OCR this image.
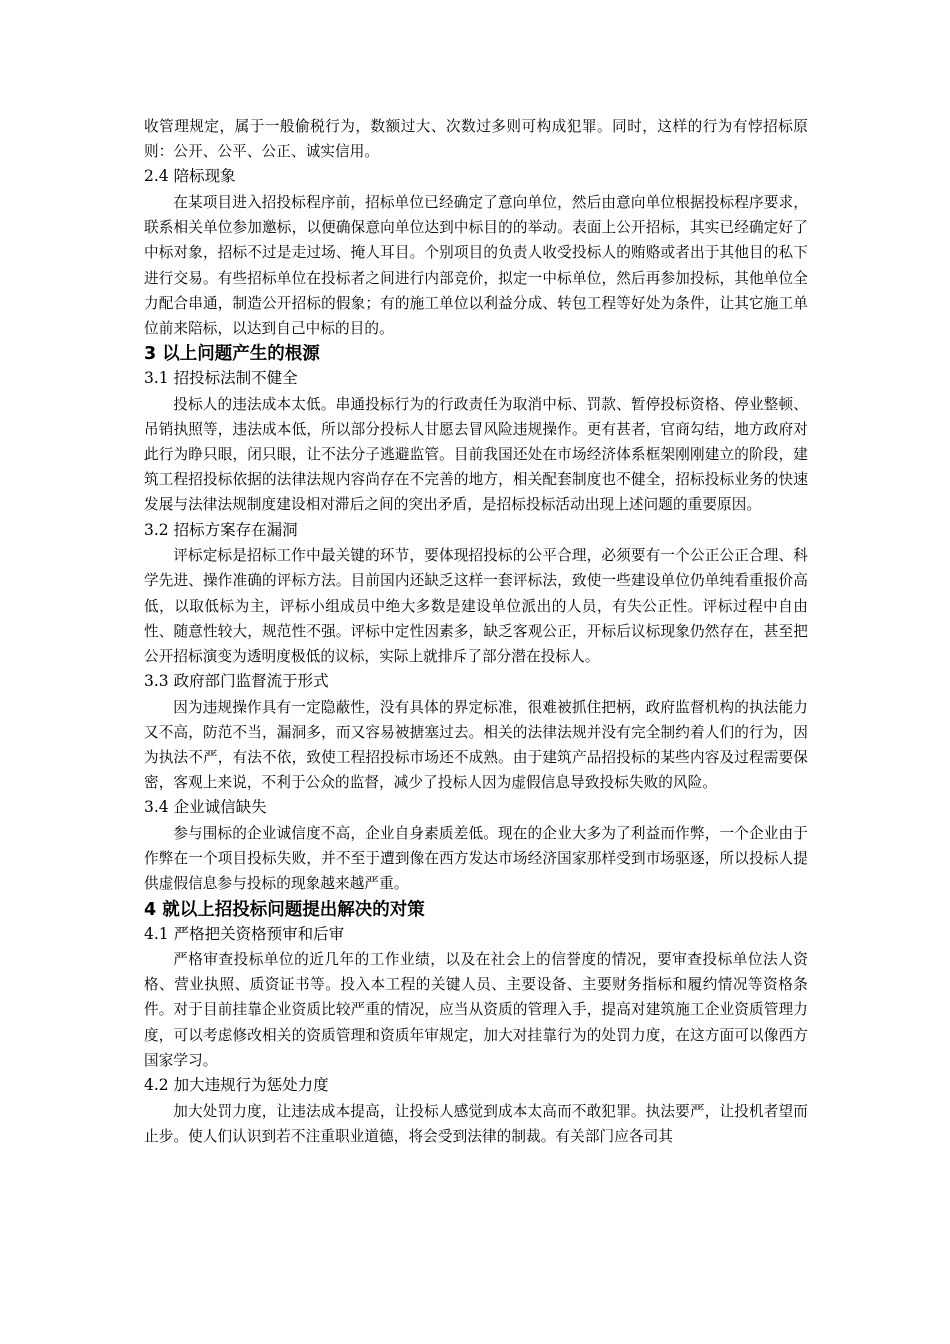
收管理规定，属于一般偷税行为，数额过大、次数过多则可构成犯罪。同时，这样的行为有悖招标原则：公开、公平、公正、诚实信用。

2.4 陪标现象

在某项目进入招投标程序前，招标单位已经确定了意向单位，然后由意向单位根据投标程序要求，联系相关单位参加邀标，以便确保意向单位达到中标目的的举动。表面上公开招标，其实已经确定好了中标对象，招标不过是走过场、掩人耳目。个别项目的负责人收受投标人的贿赂或者出于其他目的私下进行交易。有些招标单位在投标者之间进行内部竞价，拟定一中标单位，然后再参加投标，其他单位全力配合串通，制造公开招标的假象；有的施工单位以利益分成、转包工程等好处为条件，让其它施工单位前来陪标，以达到自己中标的目的。

3 以上问题产生的根源
3.1 招投标法制不健全

投标人的违法成本太低。串通投标行为的行政责任为取消中标、罚款、暂停投标资格、停业整顿、吊销执照等，违法成本低，所以部分投标人甘愿去冒风险违规操作。更有甚者，官商勾结，地方政府对此行为睁只眼，闭只眼，让不法分子逃避监管。目前我国还处在市场经济体系框架刚刚建立的阶段，建筑工程招投标依据的法律法规内容尚存在不完善的地方，相关配套制度也不健全，招标投标业务的快速发展与法律法规制度建设相对滞后之间的突出矛盾，是招标投标活动出现上述问题的重要原因。

3.2 招标方案存在漏洞

评标定标是招标工作中最关键的环节，要体现招投标的公平合理，必须要有一个公正公正合理、科学先进、操作准确的评标方法。目前国内还缺乏这样一套评标法，致使一些建设单位仍单纯看重报价高低，以取低标为主，评标小组成员中绝大多数是建设单位派出的人员，有失公正性。评标过程中自由性、随意性较大，规范性不强。评标中定性因素多，缺乏客观公正，开标后议标现象仍然存在，甚至把公开招标演变为透明度极低的议标，实际上就排斥了部分潜在投标人。

3.3 政府部门监督流于形式

因为违规操作具有一定隐蔽性，没有具体的界定标准，很难被抓住把柄，政府监督机构的执法能力又不高，防范不当，漏洞多，而又容易被搪塞过去。相关的法律法规并没有完全制约着人们的行为，因为执法不严，有法不依，致使工程招投标市场还不成熟。由于建筑产品招投标的某些内容及过程需要保密，客观上来说，不利于公众的监督，减少了投标人因为虚假信息导致投标失败的风险。

3.4 企业诚信缺失

参与围标的企业诚信度不高，企业自身素质差低。现在的企业大多为了利益而作弊，一个企业由于作弊在一个项目投标失败，并不至于遭到像在西方发达市场经济国家那样受到市场驱逐，所以投标人提供虚假信息参与投标的现象越来越严重。

4 就以上招投标问题提出解决的对策
4.1 严格把关资格预审和后审

严格审查投标单位的近几年的工作业绩，以及在社会上的信誉度的情况，要审查投标单位法人资格、营业执照、质资证书等。投入本工程的关键人员、主要设备、主要财务指标和履约情况等资格条件。对于目前挂靠企业资质比较严重的情况，应当从资质的管理入手，提高对建筑施工企业资质管理力度，可以考虑修改相关的资质管理和资质年审规定，加大对挂靠行为的处罚力度，在这方面可以像西方国家学习。

4.2 加大违规行为惩处力度

加大处罚力度，让违法成本提高，让投标人感觉到成本太高而不敢犯罪。执法要严，让投机者望而止步。使人们认识到若不注重职业道德，将会受到法律的制裁。有关部门应各司其
